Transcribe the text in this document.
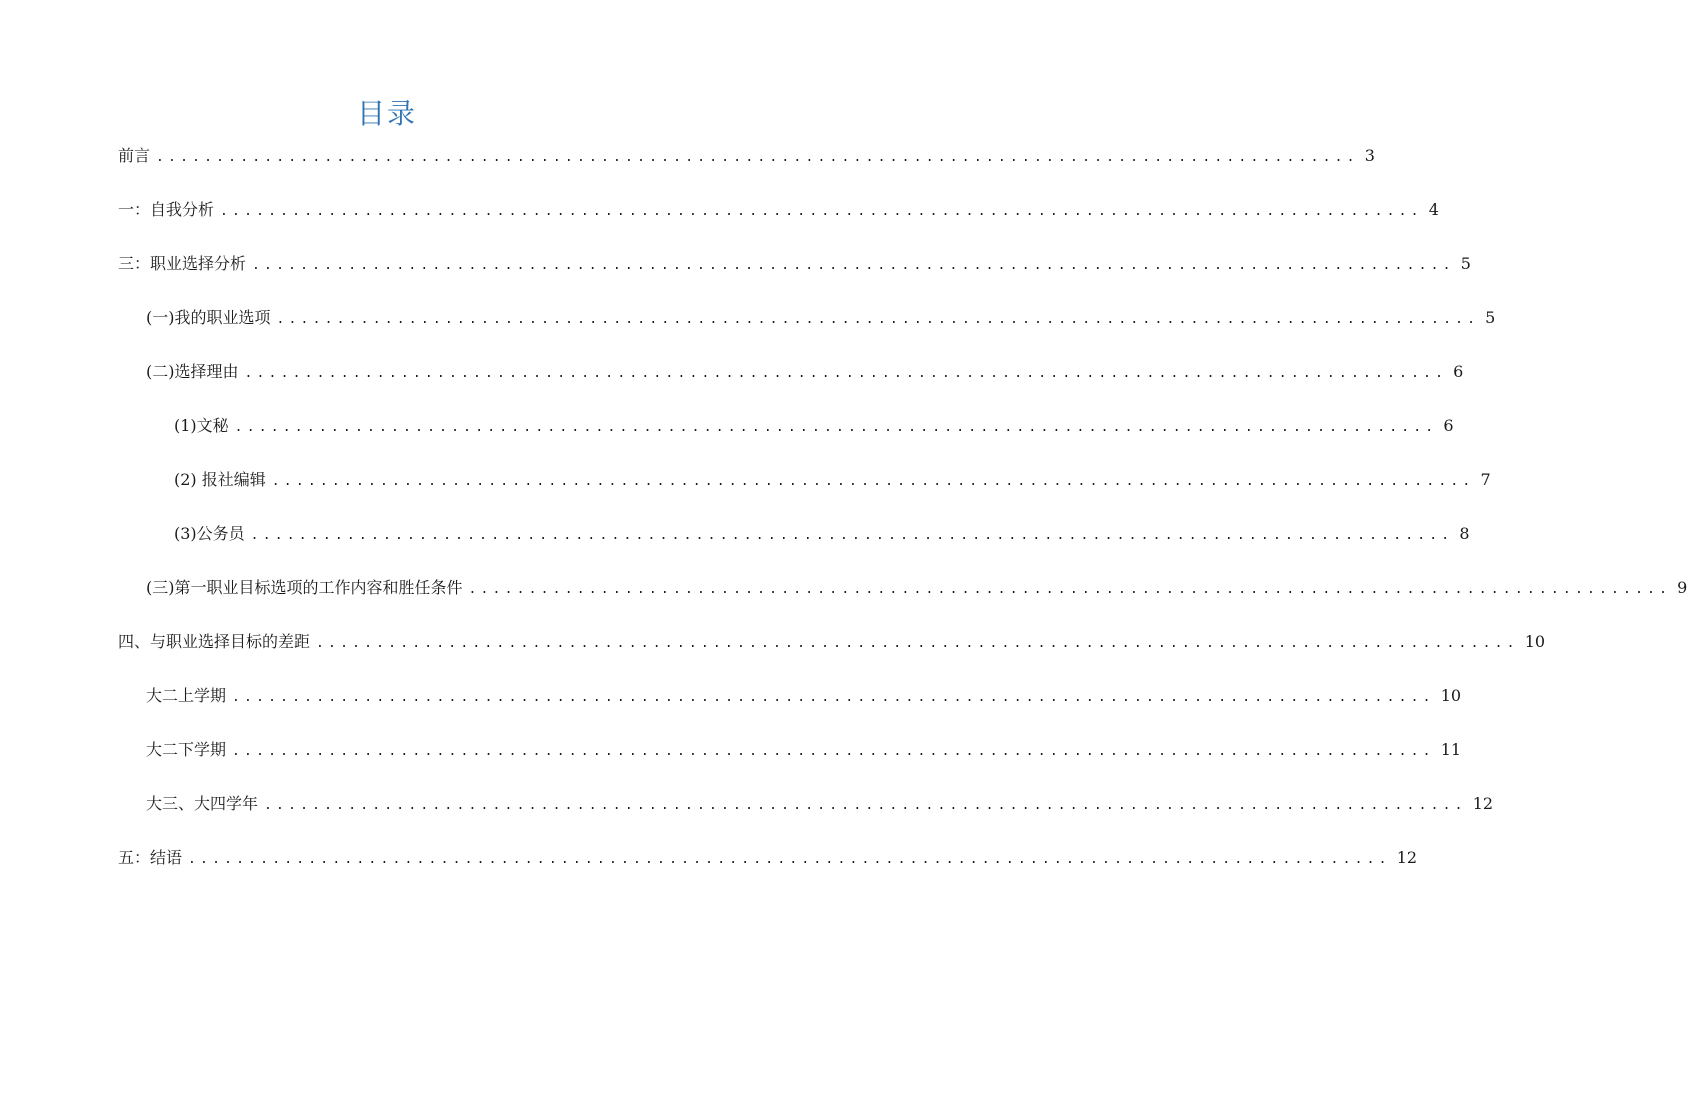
目录
前言 .................................................................................................... 3
一：自我分析 .................................................................................................... 4
三：职业选择分析 .................................................................................................... 5
(一)我的职业选项 .................................................................................................... 5
(二)选择理由 .................................................................................................... 6
(1)文秘 .................................................................................................... 6
(2) 报社编辑 .................................................................................................... 7
(3)公务员 .................................................................................................... 8
(三)第一职业目标选项的工作内容和胜任条件 .................................................................................................... 9
四、与职业选择目标的差距 .................................................................................................... 10
大二上学期 .................................................................................................... 10
大二下学期 .................................................................................................... 11
大三、大四学年 .................................................................................................... 12
五：结语 .................................................................................................... 12
